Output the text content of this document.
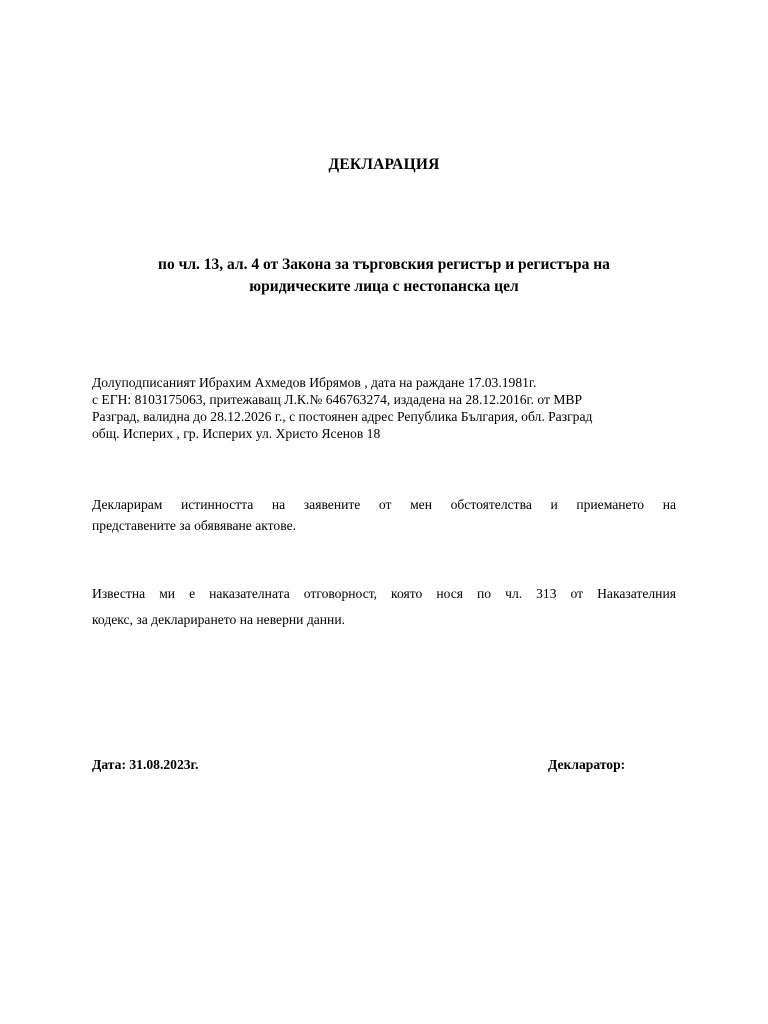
ДЕКЛАРАЦИЯ
по чл. 13, ал. 4 от Закона за търговския регистър и регистъра на
юридическите лица с нестопанска цел
Долуподписаният Ибрахим Ахмедов Ибрямов , дата на раждане 17.03.1981г.
с ЕГН: 8103175063, притежаващ Л.К.№ 646763274, издадена на 28.12.2016г. от МВР
Разград, валидна до 28.12.2026 г., с постоянен адрес Република България, обл. Разград
общ. Исперих , гр. Исперих ул. Христо Ясенов 18
Декларирам истинността на заявените от мен обстоятелства и приемането на
представените за обявяване актове.
Известна ми е наказателната отговорност, която нося по чл. 313 от Наказателния
кодекс, за декларирането на неверни данни.
Дата: 31.08.2023г.	Декларатор:
